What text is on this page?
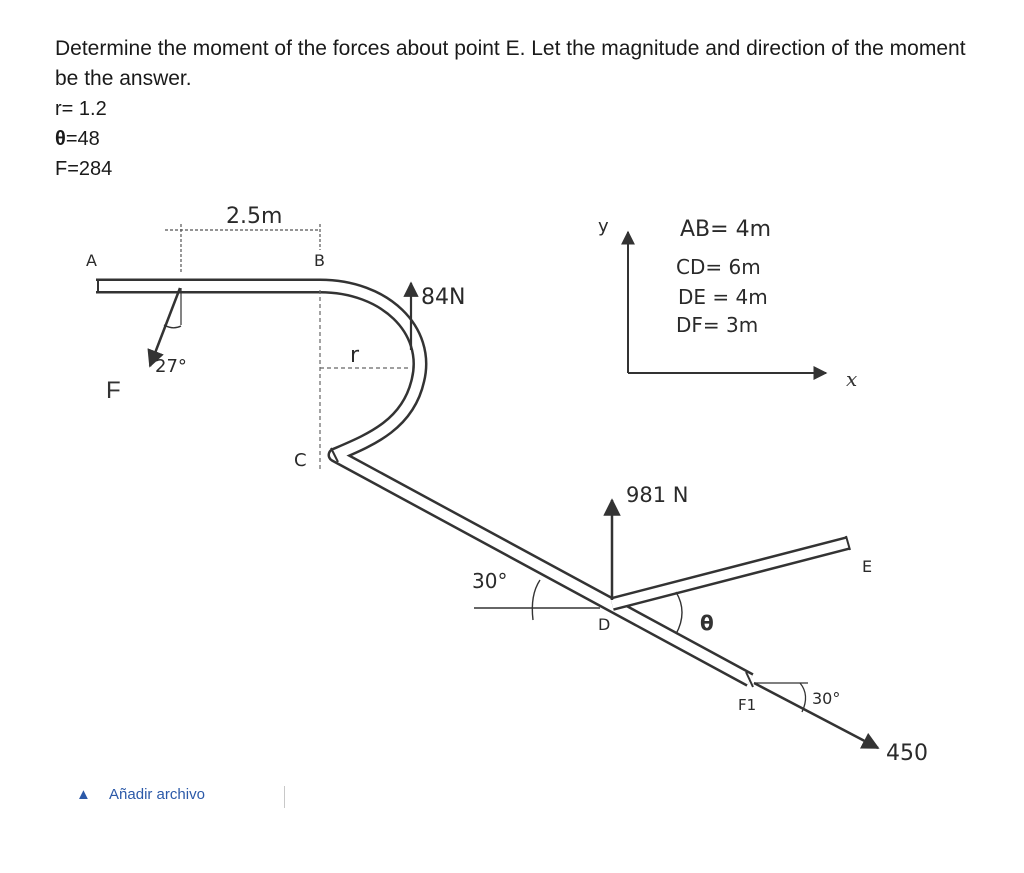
Determine the moment of the forces about point E. Let the magnitude and direction of the moment be the answer.

r= 1.2

θ=48

F=284

2.5m
r
A	B
C
D
E
F1
27°
F
84N
y
x
AB= 4m
CD= 6m
DE = 4m
DF= 3m
981 N
30°
θ
30°
450
▲ Añadir archivo
